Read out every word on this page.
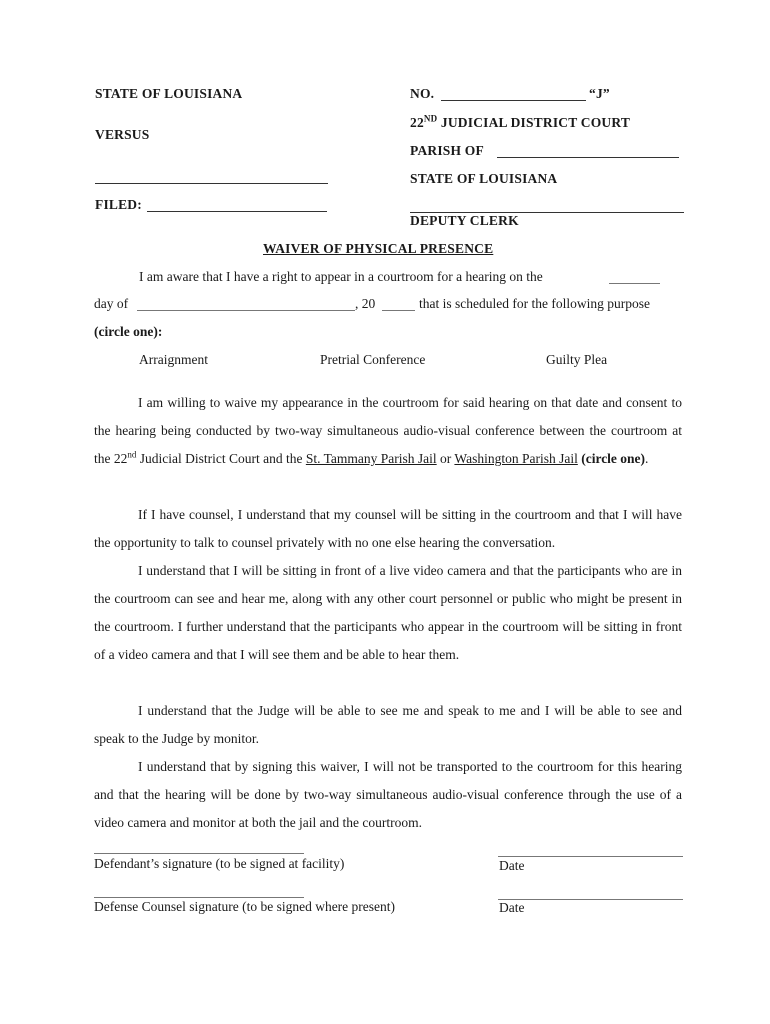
STATE OF LOUISIANA
VERSUS
FILED:
NO.	“J”
22ND JUDICIAL DISTRICT COURT
PARISH OF
STATE OF LOUISIANA
DEPUTY CLERK
WAIVER OF PHYSICAL PRESENCE
I am aware that I have a right to appear in a courtroom for a hearing on the
day of	, 20	that is scheduled for the following purpose
(circle one):
Arraignment	Pretrial Conference	Guilty Plea
I am willing to waive my appearance in the courtroom for said hearing on that date and consent to the hearing being conducted by two-way simultaneous audio-visual conference between the courtroom at the 22nd Judicial District Court and the St. Tammany Parish Jail or Washington Parish Jail (circle one).
If I have counsel, I understand that my counsel will be sitting in the courtroom and that I will have the opportunity to talk to counsel privately with no one else hearing the conversation.
I understand that I will be sitting in front of a live video camera and that the participants who are in the courtroom can see and hear me, along with any other court personnel or public who might be present in the courtroom. I further understand that the participants who appear in the courtroom will be sitting in front of a video camera and that I will see them and be able to hear them.
I understand that the Judge will be able to see me and speak to me and I will be able to see and speak to the Judge by monitor.
I understand that by signing this waiver, I will not be transported to the courtroom for this hearing and that the hearing will be done by two-way simultaneous audio-visual conference through the use of a video camera and monitor at both the jail and the courtroom.
Defendant’s signature (to be signed at facility)	Date
Defense Counsel signature (to be signed where present)	Date
